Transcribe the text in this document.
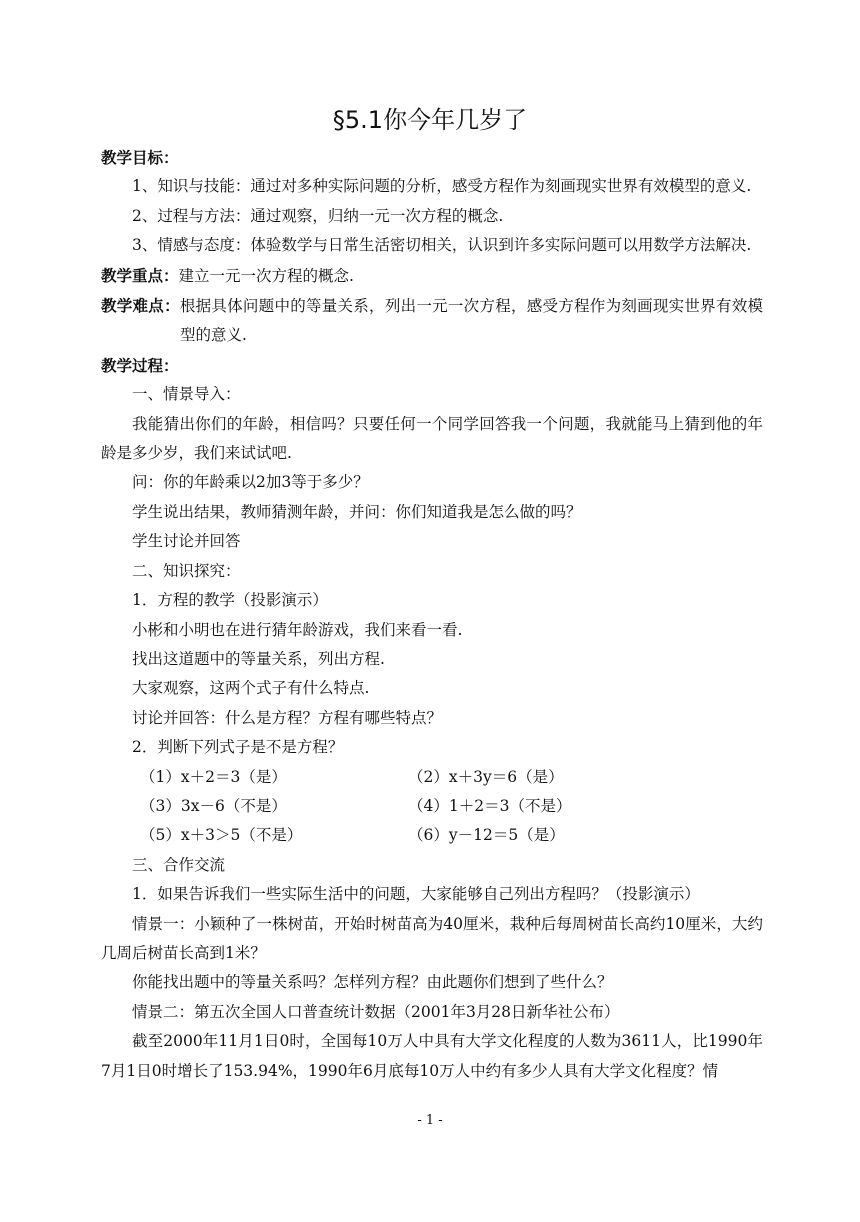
§5.1你今年几岁了
教学目标：
1、知识与技能：通过对多种实际问题的分析，感受方程作为刻画现实世界有效模型的意义.
2、过程与方法：通过观察，归纳一元一次方程的概念.
3、情感与态度：体验数学与日常生活密切相关，认识到许多实际问题可以用数学方法解决.
教学重点：建立一元一次方程的概念.
教学难点：根据具体问题中的等量关系，列出一元一次方程，感受方程作为刻画现实世界有效模型的意义.
教学过程：
一、情景导入：
我能猜出你们的年龄，相信吗？只要任何一个同学回答我一个问题，我就能马上猜到他的年龄是多少岁，我们来试试吧.
问：你的年龄乘以2加3等于多少？
学生说出结果，教师猜测年龄，并问：你们知道我是怎么做的吗？
学生讨论并回答
二、知识探究：
1．方程的教学（投影演示）
小彬和小明也在进行猜年龄游戏，我们来看一看.
找出这道题中的等量关系，列出方程.
大家观察，这两个式子有什么特点.
讨论并回答：什么是方程？方程有哪些特点？
2．判断下列式子是不是方程？
（1）x＋2＝3（是）	（2）x＋3y＝6（是）
（3）3x－6（不是）	（4）1＋2＝3（不是）
（5）x＋3＞5（不是）	（6）y－12＝5（是）
三、合作交流
1．如果告诉我们一些实际生活中的问题，大家能够自己列出方程吗？（投影演示）
情景一：小颖种了一株树苗，开始时树苗高为40厘米，栽种后每周树苗长高约10厘米，大约几周后树苗长高到1米？
你能找出题中的等量关系吗？怎样列方程？由此题你们想到了些什么？
情景二：第五次全国人口普查统计数据（2001年3月28日新华社公布）
截至2000年11月1日0时，全国每10万人中具有大学文化程度的人数为3611人，比1990年7月1日0时增长了153.94%，1990年6月底每10万人中约有多少人具有大学文化程度？情
- 1 -
